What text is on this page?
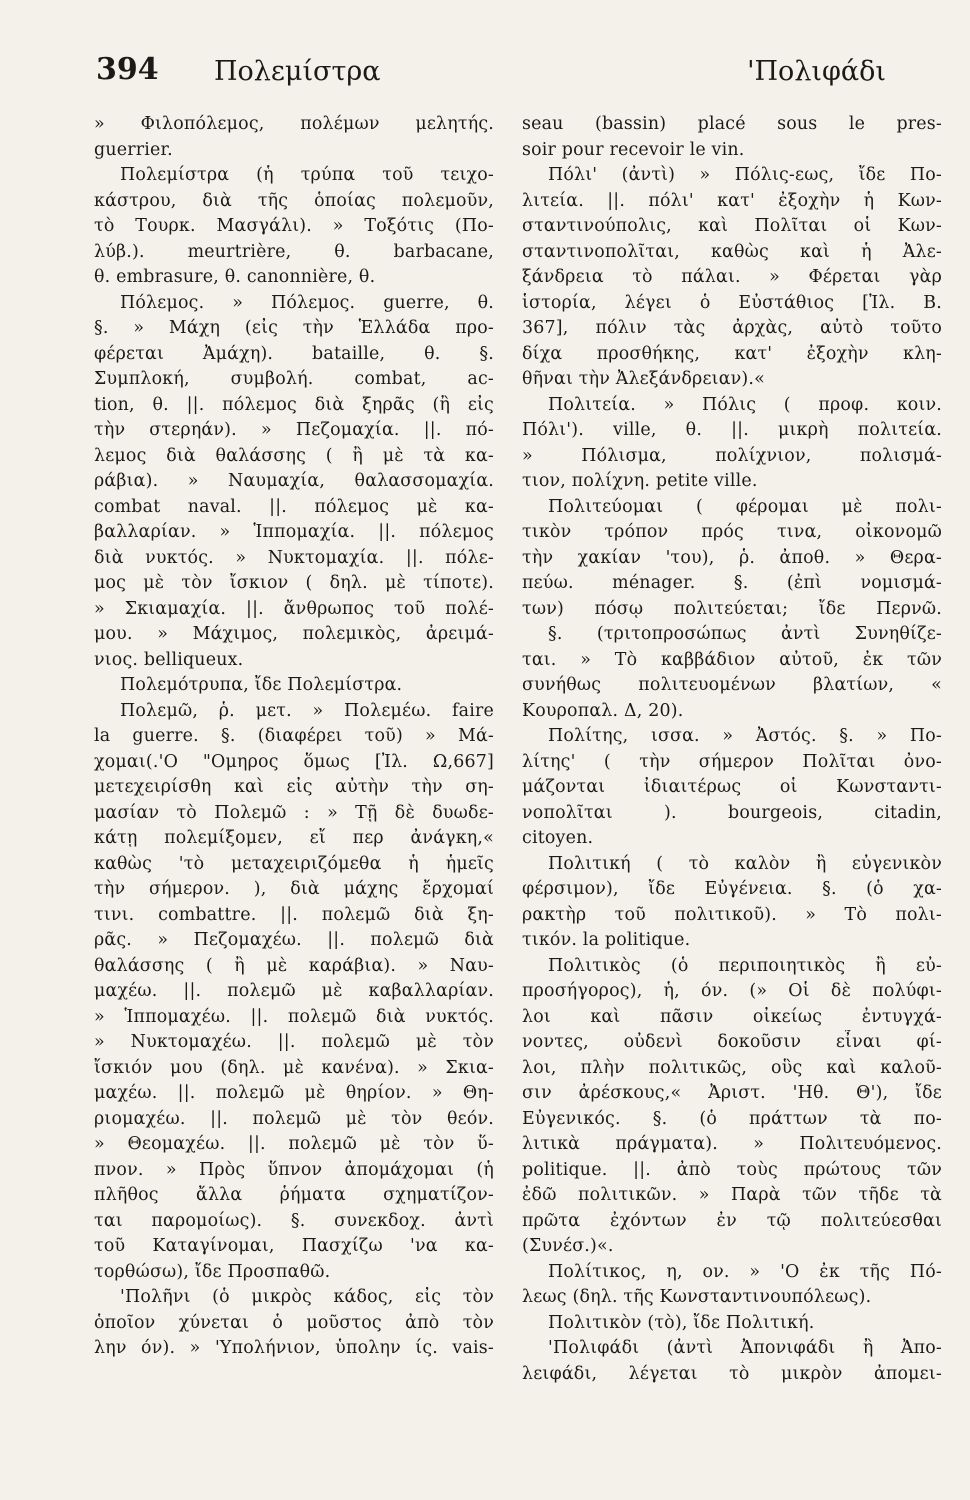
394 Πολεμίστρα	'Πολιφάδι
» Φιλοπόλεμος, πολέμων μελητής.
guerrier.
Πολεμίστρα (ἡ τρύπα τοῦ τειχο-
κάστρου, διὰ τῆς ὁποίας πολεμοῦν,
τὸ Τουρκ. Μασγάλι). » Τοξότις (Πο-
λύβ.). meurtrière, θ. barbacane,
θ. embrasure, θ. canonnière, θ.
Πόλεμος. » Πόλεμος. guerre, θ.
§. » Μάχη (εἰς τὴν Ἑλλάδα προ-
φέρεται Ἀμάχη). bataille, θ. §.
Συμπλοκή, συμβολή. combat, ac-
tion, θ. ||. πόλεμος διὰ ξηρᾶς (ἢ εἰς
τὴν στερηάν). » Πεζομαχία. ||. πό-
λεμος διὰ θαλάσσης ( ἢ μὲ τὰ κα-
ράβια). » Ναυμαχία, θαλασσομαχία.
combat naval. ||. πόλεμος μὲ κα-
βαλλαρίαν. » Ἱππομαχία. ||. πόλεμος
διὰ νυκτός. » Νυκτομαχία. ||. πόλε-
μος μὲ τὸν ἴσκιον ( δηλ. μὲ τίποτε).
» Σκιαμαχία. ||. ἄνθρωπος τοῦ πολέ-
μου. » Μάχιμος, πολεμικὸς, ἀρειμά-
νιος. belliqueux.
Πολεμότρυπα, ἴδε Πολεμίστρα.
Πολεμῶ, ῥ. μετ. » Πολεμέω. faire
la guerre. §. (διαφέρει τοῦ) » Μά-
χομαι(.'Ο "Ομηρος ὅμως [Ἰλ. Ω,667]
μετεχειρίσθη καὶ εἰς αὐτὴν τὴν ση-
μασίαν τὸ Πολεμῶ : » Τῇ δὲ δυωδε-
κάτῃ πολεμίξομεν, εἴ περ ἀνάγκη,«
καθὼς 'τὸ μεταχειριζόμεθα ἡ ἡμεῖς
τὴν σήμερον. ), διὰ μάχης ἔρχομαί
τινι. combattre. ||. πολεμῶ διὰ ξη-
ρᾶς. » Πεζομαχέω. ||. πολεμῶ διὰ
θαλάσσης ( ἢ μὲ καράβια). » Ναυ-
μαχέω. ||. πολεμῶ μὲ καβαλλαρίαν.
» Ἱππομαχέω. ||. πολεμῶ διὰ νυκτός.
» Νυκτομαχέω. ||. πολεμῶ μὲ τὸν
ἴσκιόν μου (δηλ. μὲ κανένα). » Σκια-
μαχέω. ||. πολεμῶ μὲ θηρίον. » Θη-
ριομαχέω. ||. πολεμῶ μὲ τὸν θεόν.
» Θεομαχέω. ||. πολεμῶ μὲ τὸν ὕ-
πνον. » Πρὸς ὕπνον ἀπομάχομαι (ἡ
πλῆθος ἄλλα ῥήματα σχηματίζον-
ται παρομοίως). §. συνεκδοχ. ἀντὶ
τοῦ Καταγίνομαι, Πασχίζω 'να κα-
τορθώσω), ἴδε Προσπαθῶ.
'Πολῆνι (ὁ μικρὸς κάδος, εἰς τὸν
ὁποῖον χύνεται ὁ μοῦστος ἀπὸ τὸν
λην όν). » 'Υπολήνιον, ὑπολην ίς. vais-
seau (bassin) placé sous le pres-
soir pour recevoir le vin.
Πόλι' (ἀντὶ) » Πόλις-εως, ἴδε Πο-
λιτεία. ||. πόλι' κατ' ἐξοχὴν ἡ Κων-
σταντινούπολις, καὶ Πολῖται οἱ Κων-
σταντινοπολῖται, καθὼς καὶ ἡ Ἀλε-
ξάνδρεια τὸ πάλαι. » Φέρεται γὰρ
ἱστορία, λέγει ὁ Εὐστάθιος [Ἰλ. Β.
367], πόλιν τὰς ἀρχὰς, αὐτὸ τοῦτο
δίχα προσθήκης, κατ' ἐξοχὴν κλη-
θῆναι τὴν Ἀλεξάνδρειαν).«
Πολιτεία. » Πόλις ( προφ. κοιν.
Πόλι'). ville, θ. ||. μικρὴ πολιτεία.
» Πόλισμα, πολίχνιον, πολισμά-
τιον, πολίχνη. petite ville.
Πολιτεύομαι ( φέρομαι μὲ πολι-
τικὸν τρόπον πρός τινα, οἰκονομῶ
τὴν χακίαν 'του), ῥ. ἀποθ. » Θερα-
πεύω. ménager. §. (ἐπὶ νομισμά-
των) πόσῳ πολιτεύεται; ἴδε Περνῶ.
§. (τριτοπροσώπως ἀντὶ Συνηθίζε-
ται. » Τὸ καββάδιον αὐτοῦ, ἐκ τῶν
συνήθως πολιτευομένων βλατίων, «
Κουροπαλ. Δ, 20).
Πολίτης, ισσα. » Ἀστός. §. » Πο-
λίτης' ( τὴν σήμερον Πολῖται ὀνο-
μάζονται ἰδιαιτέρως οἱ Κωνσταντι-
νοπολῖται ). bourgeois, citadin,
citoyen.
Πολιτική ( τὸ καλὸν ἢ εὐγενικὸν
φέρσιμον), ἴδε Εὐγένεια. §. (ὁ χα-
ρακτὴρ τοῦ πολιτικοῦ). » Τὸ πολι-
τικόν. la politique.
Πολιτικὸς (ὁ περιποιητικὸς ἢ εὐ-
προσήγορος), ἡ, όν. (» Οἱ δὲ πολύφι-
λοι καὶ πᾶσιν οἰκείως ἐντυγχά-
νοντες, οὐδενὶ δοκοῦσιν εἶναι φί-
λοι, πλὴν πολιτικῶς, οὓς καὶ καλοῦ-
σιν ἀρέσκους,« Ἀριστ. 'Ηθ. Θ'), ἴδε
Εὐγενικός. §. (ὁ πράττων τὰ πο-
λιτικὰ πράγματα). » Πολιτευόμενος.
politique. ||. ἀπὸ τοὺς πρώτους τῶν
ἐδῶ πολιτικῶν. » Παρὰ τῶν τῆδε τὰ
πρῶτα ἐχόντων ἐν τῷ πολιτεύεσθαι
(Συνέσ.)«.
Πολίτικος, η, ον. » 'Ο ἐκ τῆς Πό-
λεως (δηλ. τῆς Κωνσταντινουπόλεως).
Πολιτικὸν (τὸ), ἴδε Πολιτική.
'Πολιφάδι (ἀντὶ Ἀπονιφάδι ἢ Ἀπο-
λειφάδι, λέγεται τὸ μικρὸν ἀπομει-
